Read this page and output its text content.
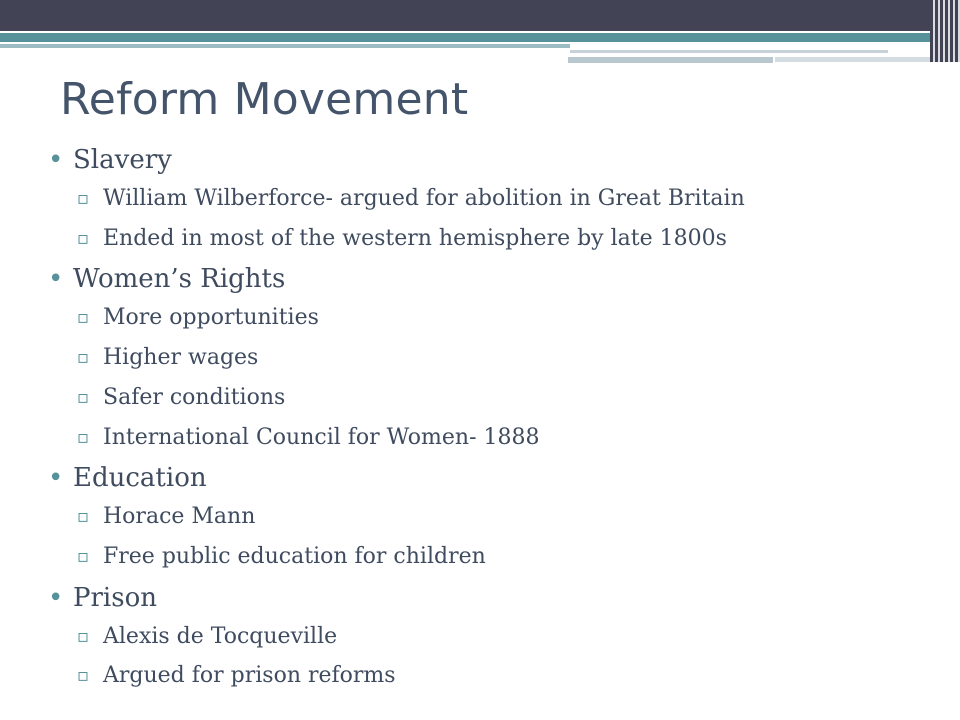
Reform Movement
• Slavery
▫ William Wilberforce- argued for abolition in Great Britain
▫ Ended in most of the western hemisphere by late 1800s
• Women’s Rights
▫ More opportunities
▫ Higher wages
▫ Safer conditions
▫ International Council for Women- 1888
• Education
▫ Horace Mann
▫ Free public education for children
• Prison
▫ Alexis de Tocqueville
▫ Argued for prison reforms
